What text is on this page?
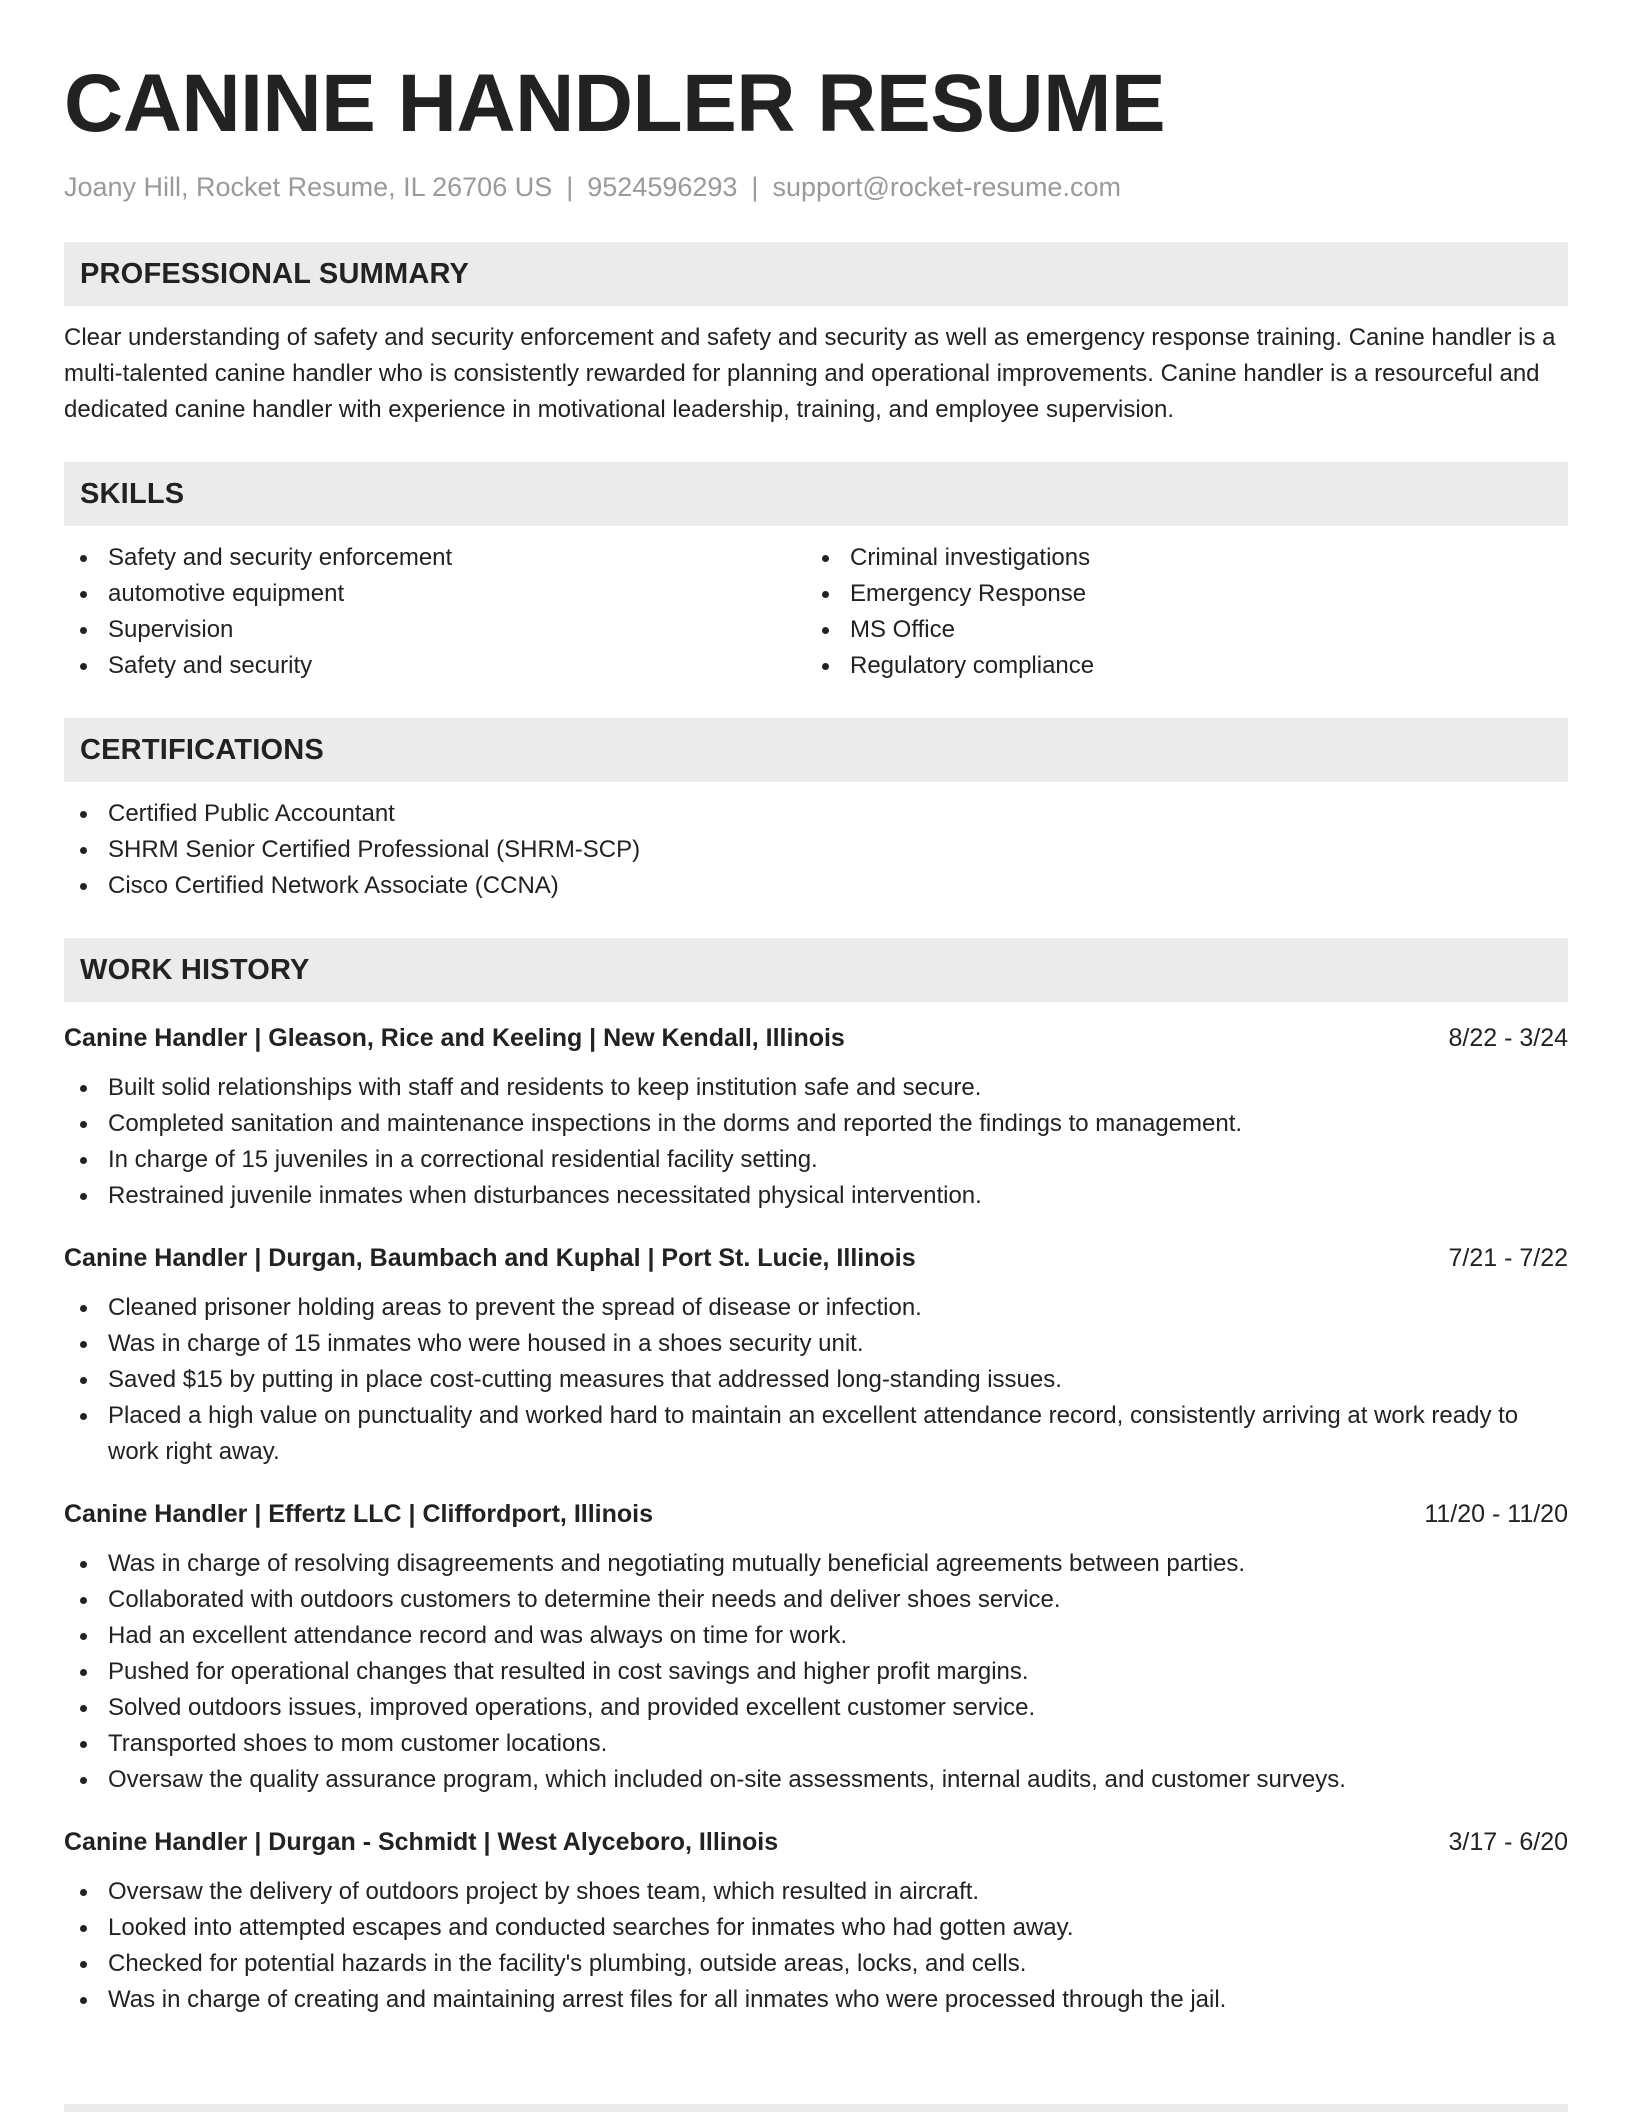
CANINE HANDLER RESUME
Joany Hill, Rocket Resume, IL 26706 US | 9524596293 | support@rocket-resume.com
PROFESSIONAL SUMMARY

Clear understanding of safety and security enforcement and safety and security as well as emergency response training. Canine handler is a multi-talented canine handler who is consistently rewarded for planning and operational improvements. Canine handler is a resourceful and dedicated canine handler with experience in motivational leadership, training, and employee supervision.

SKILLS
Safety and security enforcement
automotive equipment
Supervision
Safety and security
Criminal investigations
Emergency Response
MS Office
Regulatory compliance
CERTIFICATIONS
Certified Public Accountant
SHRM Senior Certified Professional (SHRM-SCP)
Cisco Certified Network Associate (CCNA)
WORK HISTORY
Canine Handler | Gleason, Rice and Keeling | New Kendall, Illinois	8/22 - 3/24
Built solid relationships with staff and residents to keep institution safe and secure.
Completed sanitation and maintenance inspections in the dorms and reported the findings to management.
In charge of 15 juveniles in a correctional residential facility setting.
Restrained juvenile inmates when disturbances necessitated physical intervention.
Canine Handler | Durgan, Baumbach and Kuphal | Port St. Lucie, Illinois	7/21 - 7/22
Cleaned prisoner holding areas to prevent the spread of disease or infection.
Was in charge of 15 inmates who were housed in a shoes security unit.
Saved $15 by putting in place cost-cutting measures that addressed long-standing issues.
Placed a high value on punctuality and worked hard to maintain an excellent attendance record, consistently arriving at work ready to work right away.
Canine Handler | Effertz LLC | Cliffordport, Illinois	11/20 - 11/20
Was in charge of resolving disagreements and negotiating mutually beneficial agreements between parties.
Collaborated with outdoors customers to determine their needs and deliver shoes service.
Had an excellent attendance record and was always on time for work.
Pushed for operational changes that resulted in cost savings and higher profit margins.
Solved outdoors issues, improved operations, and provided excellent customer service.
Transported shoes to mom customer locations.
Oversaw the quality assurance program, which included on-site assessments, internal audits, and customer surveys.
Canine Handler | Durgan - Schmidt | West Alyceboro, Illinois	3/17 - 6/20
Oversaw the delivery of outdoors project by shoes team, which resulted in aircraft.
Looked into attempted escapes and conducted searches for inmates who had gotten away.
Checked for potential hazards in the facility's plumbing, outside areas, locks, and cells.
Was in charge of creating and maintaining arrest files for all inmates who were processed through the jail.
